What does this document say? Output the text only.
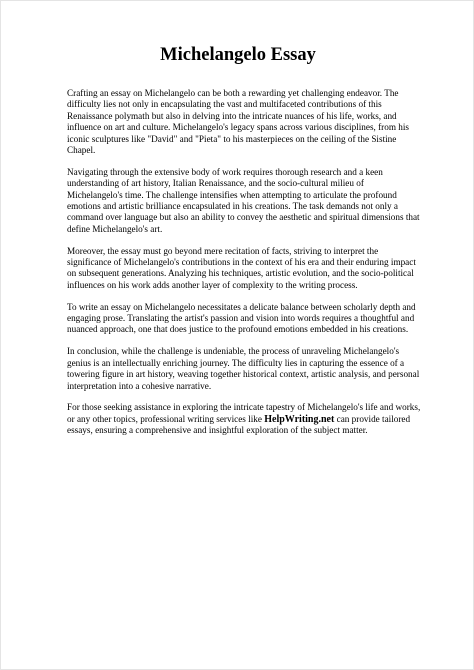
Michelangelo Essay

Crafting an essay on Michelangelo can be both a rewarding yet challenging endeavor. The difficulty lies not only in encapsulating the vast and multifaceted contributions of this Renaissance polymath but also in delving into the intricate nuances of his life, works, and influence on art and culture. Michelangelo's legacy spans across various disciplines, from his iconic sculptures like "David" and "Pieta" to his masterpieces on the ceiling of the Sistine Chapel.

Navigating through the extensive body of work requires thorough research and a keen understanding of art history, Italian Renaissance, and the socio-cultural milieu of Michelangelo's time. The challenge intensifies when attempting to articulate the profound emotions and artistic brilliance encapsulated in his creations. The task demands not only a command over language but also an ability to convey the aesthetic and spiritual dimensions that define Michelangelo's art.

Moreover, the essay must go beyond mere recitation of facts, striving to interpret the significance of Michelangelo's contributions in the context of his era and their enduring impact on subsequent generations. Analyzing his techniques, artistic evolution, and the socio-political influences on his work adds another layer of complexity to the writing process.

To write an essay on Michelangelo necessitates a delicate balance between scholarly depth and engaging prose. Translating the artist's passion and vision into words requires a thoughtful and nuanced approach, one that does justice to the profound emotions embedded in his creations.

In conclusion, while the challenge is undeniable, the process of unraveling Michelangelo's genius is an intellectually enriching journey. The difficulty lies in capturing the essence of a towering figure in art history, weaving together historical context, artistic analysis, and personal interpretation into a cohesive narrative.

For those seeking assistance in exploring the intricate tapestry of Michelangelo's life and works, or any other topics, professional writing services like HelpWriting.net can provide tailored essays, ensuring a comprehensive and insightful exploration of the subject matter.
